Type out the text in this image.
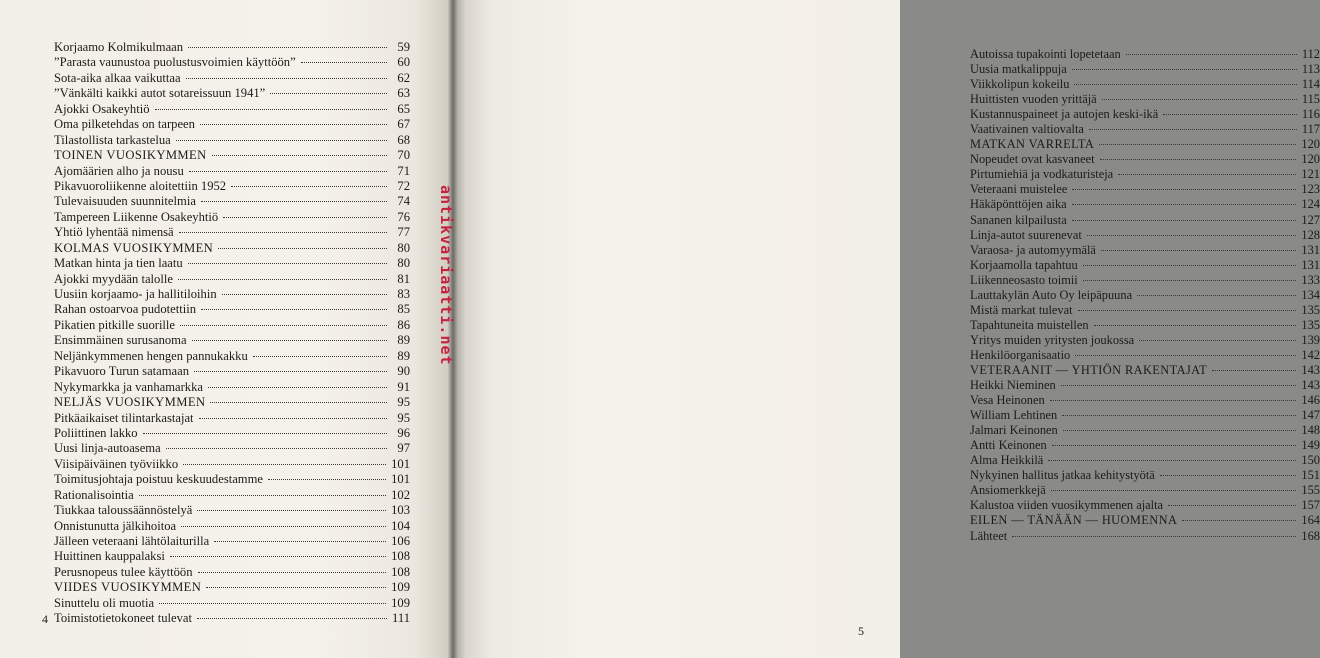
Korjaamo Kolmikulmaan	59
”Parasta vaunustoa puolustusvoimien käyttöön”	60
Sota-aika alkaa vaikuttaa	62
”Vänkälti kaikki autot sotareissuun 1941”	63
Ajokki Osakeyhtiö	65
Oma pilketehdas on tarpeen	67
Tilastollista tarkastelua	68
TOINEN VUOSIKYMMEN	70
Ajomäärien alho ja nousu	71
Pikavuoroliikenne aloitettiin 1952	72
Tulevaisuuden suunnitelmia	74
Tampereen Liikenne Osakeyhtiö	76
Yhtiö lyhentää nimensä	77
KOLMAS VUOSIKYMMEN	80
Matkan hinta ja tien laatu	80
Ajokki myydään talolle	81
Uusiin korjaamo- ja hallitiloihin	83
Rahan ostoarvoa pudotettiin	85
Pikatien pitkille suorille	86
Ensimmäinen surusanoma	89
Neljänkymmenen hengen pannukakku	89
Pikavuoro Turun satamaan	90
Nykymarkka ja vanhamarkka	91
NELJÄS VUOSIKYMMEN	95
Pitkäaikaiset tilintarkastajat	95
Poliittinen lakko	96
Uusi linja-autoasema	97
Viisipäiväinen työviikko	101
Toimitusjohtaja poistuu keskuudestamme	101
Rationalisointia	102
Tiukkaa taloussäännöstelyä	103
Onnistunutta jälkihoitoa	104
Jälleen veteraani lähtölaiturilla	106
Huittinen kauppalaksi	108
Perusnopeus tulee käyttöön	108
VIIDES VUOSIKYMMEN	109
Sinuttelu oli muotia	109
Toimistotietokoneet tulevat	111
4
Autoissa tupakointi lopetetaan	112
Uusia matkalippuja	113
Viikkolipun kokeilu	114
Huittisten vuoden yrittäjä	115
Kustannuspaineet ja autojen keski-ikä	116
Vaativainen valtiovalta	117
MATKAN VARRELTA	120
Nopeudet ovat kasvaneet	120
Pirtumiehiä ja vodkaturisteja	121
Veteraani muistelee	123
Häkäpönttöjen aika	124
Sananen kilpailusta	127
Linja-autot suurenevat	128
Varaosa- ja automyymälä	131
Korjaamolla tapahtuu	131
Liikenneosasto toimii	133
Lauttakylän Auto Oy leipäpuuna	134
Mistä markat tulevat	135
Tapahtuneita muistellen	135
Yritys muiden yritysten joukossa	139
Henkilöorganisaatio	142
VETERAANIT — YHTIÖN RAKENTAJAT	143
Heikki Nieminen	143
Vesa Heinonen	146
William Lehtinen	147
Jalmari Keinonen	148
Antti Keinonen	149
Alma Heikkilä	150
Nykyinen hallitus jatkaa kehitystyötä	151
Ansiomerkkejä	155
Kalustoa viiden vuosikymmenen ajalta	157
EILEN — TÄNÄÄN — HUOMENNA	164
Lähteet	168
5
antikvariaatti.net
